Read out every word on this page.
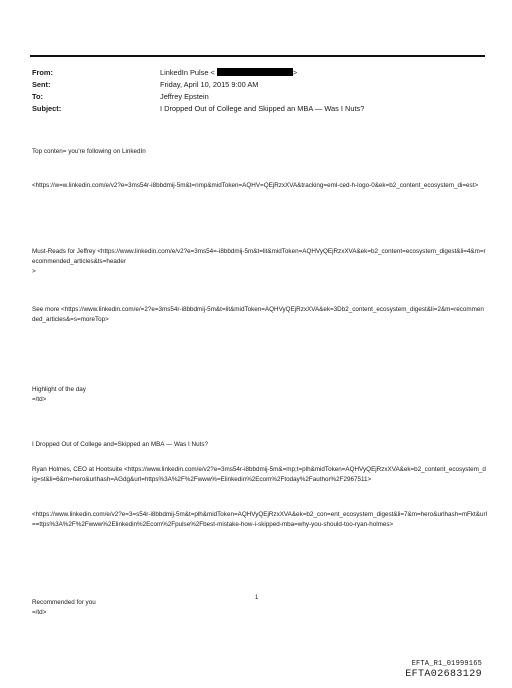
From:	LinkedIn Pulse <	>
Sent:	Friday, April 10, 2015 9:00 AM
To:	Jeffrey Epstein
Subject:	I Dropped Out of College and Skipped an MBA — Was I Nuts?
Top conten= you're following on LinkedIn
<https://w=w.linkedin.com/e/v2?e=3ms54r-i8bbdmij-5m&t=nmp&midToken=AQHV=QEjRzxXVA&tracking=eml-ced-h-logo-0&ek=b2_content_ecosystem_di=est>
Must-Reads for Jeffrey <https://www.linkedin.com/e/v2?e=3ms54=-i8bbdmij-5m&t=lit&midToken=AQHVyQEjRzxXVA&ek=b2_content=ecosystem_digest&li=4&m=recommended_articles&ts=header
>
See more <https://www.linkedin.com/e/=2?e=3ms54r-i8bbdmij-5m&t=lit&midToken=AQHVyQEjRzxXVA&ek=3Db2_content_ecosystem_digest&li=2&m=recommended_articles&=s=moreTop>
Highlight of the day
=/td>
I Dropped Out of College and=Skipped an MBA — Was I Nuts?
Ryan Holmes, CEO at Hootsuite <https://www.linkedin.com/e/v2?e=3ms54r-i8bbdmij-5m&=mp;t=plh&midToken=AQHVyQEjRzxXVA&ek=b2_content_ecosystem_dig=st&li=6&m=hero&urlhash=AGdg&url=https%3A%2F%2Fwww%=Elinkedin%2Ecom%2Ftoday%2Fauthor%2F2967511>
<https://www.linkedin.com/e/v2?e=3=s54r-i8bbdmij-5m&t=plh&midToken=AQHVyQEjRzxXVA&ek=b2_con=ent_ecosystem_digest&li=7&m=hero&urlhash=mFkt&url==ttps%3A%2F%2Fwww%2Elinkedin%2Ecom%2Fpulse%2Fbest-mistake-how-i-skipped-mba=why-you-should-too-ryan-holmes>
Recommended for you
=/td>
1
EFTA_R1_01999165
EFTA02683129
